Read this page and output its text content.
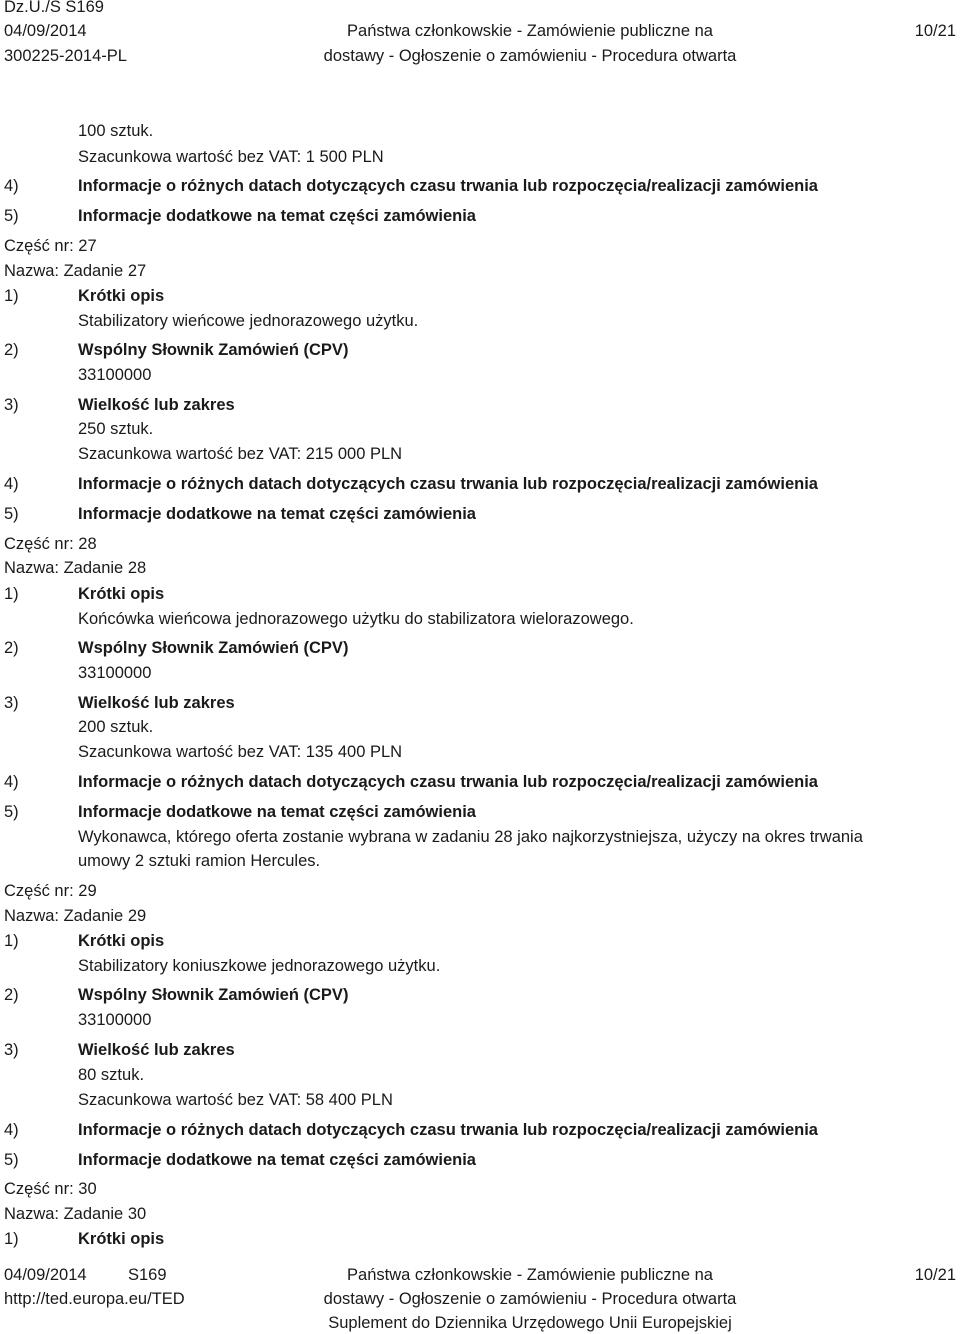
Dz.U./S S169
04/09/2014
300225-2014-PL
Państwa członkowskie - Zamówienie publiczne na
dostawy - Ogłoszenie o zamówieniu - Procedura otwarta
10/21
100 sztuk.
Szacunkowa wartość bez VAT: 1 500 PLN
4)	Informacje o różnych datach dotyczących czasu trwania lub rozpoczęcia/realizacji zamówienia
5)	Informacje dodatkowe na temat części zamówienia
Część nr: 27
Nazwa: Zadanie 27
1)	Krótki opis
Stabilizatory wieńcowe jednorazowego użytku.
2)	Wspólny Słownik Zamówień (CPV)
33100000
3)	Wielkość lub zakres
250 sztuk.
Szacunkowa wartość bez VAT: 215 000 PLN
4)	Informacje o różnych datach dotyczących czasu trwania lub rozpoczęcia/realizacji zamówienia
5)	Informacje dodatkowe na temat części zamówienia
Część nr: 28
Nazwa: Zadanie 28
1)	Krótki opis
Końcówka wieńcowa jednorazowego użytku do stabilizatora wielorazowego.
2)	Wspólny Słownik Zamówień (CPV)
33100000
3)	Wielkość lub zakres
200 sztuk.
Szacunkowa wartość bez VAT: 135 400 PLN
4)	Informacje o różnych datach dotyczących czasu trwania lub rozpoczęcia/realizacji zamówienia
5)	Informacje dodatkowe na temat części zamówienia
Wykonawca, którego oferta zostanie wybrana w zadaniu 28 jako najkorzystniejsza, użyczy na okres trwania
umowy 2 sztuki ramion Hercules.
Część nr: 29
Nazwa: Zadanie 29
1)	Krótki opis
Stabilizatory koniuszkowe jednorazowego użytku.
2)	Wspólny Słownik Zamówień (CPV)
33100000
3)	Wielkość lub zakres
80 sztuk.
Szacunkowa wartość bez VAT: 58 400 PLN
4)	Informacje o różnych datach dotyczących czasu trwania lub rozpoczęcia/realizacji zamówienia
5)	Informacje dodatkowe na temat części zamówienia
Część nr: 30
Nazwa: Zadanie 30
1)	Krótki opis
04/09/2014	S169
http://ted.europa.eu/TED
Państwa członkowskie - Zamówienie publiczne na
dostawy - Ogłoszenie o zamówieniu - Procedura otwarta
Suplement do Dziennika Urzędowego Unii Europejskiej
10/21
